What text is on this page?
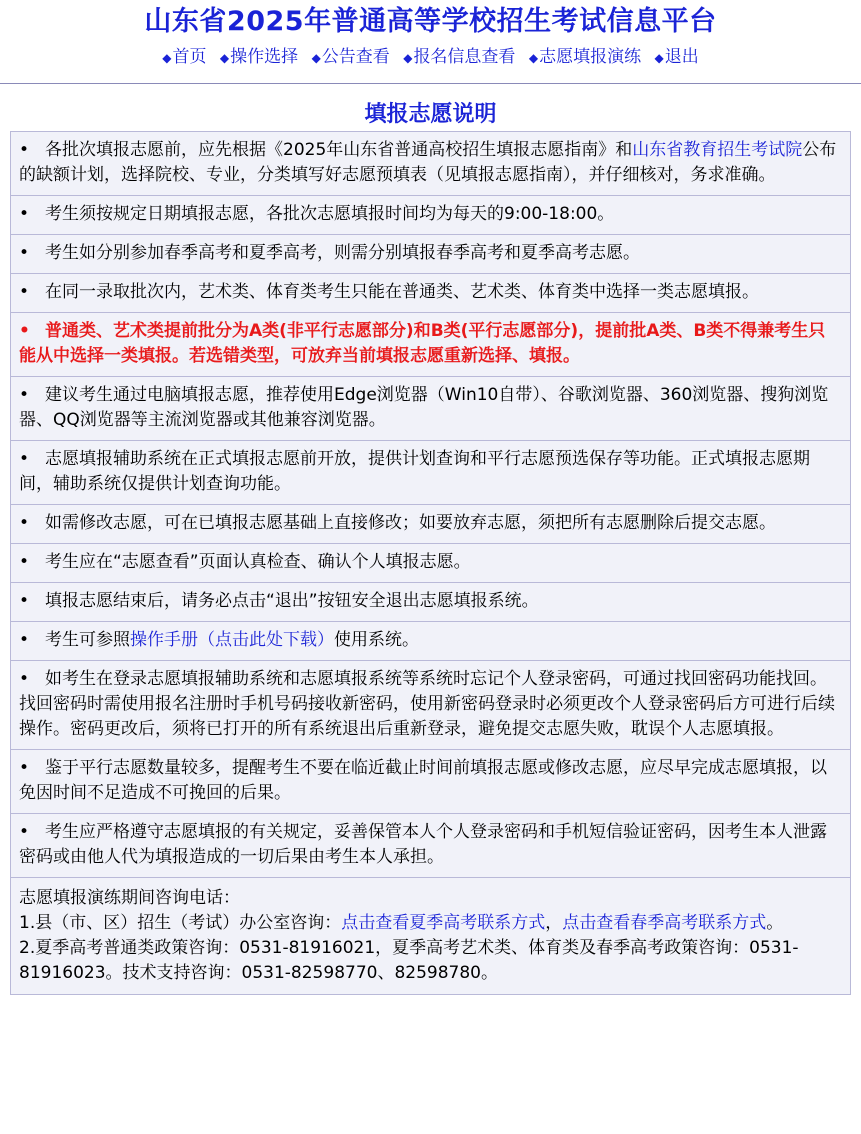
山东省2025年普通高等学校招生考试信息平台
◆首页 ◆操作选择 ◆公告查看 ◆报名信息查看 ◆志愿填报演练 ◆退出
填报志愿说明
• 各批次填报志愿前，应先根据《2025年山东省普通高校招生填报志愿指南》和山东省教育招生考试院公布的缺额计划，选择院校、专业，分类填写好志愿预填表（见填报志愿指南），并仔细核对，务求准确。
• 考生须按规定日期填报志愿，各批次志愿填报时间均为每天的9:00-18:00。
• 考生如分别参加春季高考和夏季高考，则需分别填报春季高考和夏季高考志愿。
• 在同一录取批次内，艺术类、体育类考生只能在普通类、艺术类、体育类中选择一类志愿填报。
• 普通类、艺术类提前批分为A类(非平行志愿部分)和B类(平行志愿部分)，提前批A类、B类不得兼考生只能从中选择一类填报。若选错类型，可放弃当前填报志愿重新选择、填报。
• 建议考生通过电脑填报志愿，推荐使用Edge浏览器（Win10自带）、谷歌浏览器、360浏览器、搜狗浏览器、QQ浏览器等主流浏览器或其他兼容浏览器。
• 志愿填报辅助系统在正式填报志愿前开放，提供计划查询和平行志愿预选保存等功能。正式填报志愿期间，辅助系统仅提供计划查询功能。
• 如需修改志愿，可在已填报志愿基础上直接修改；如要放弃志愿，须把所有志愿删除后提交志愿。
• 考生应在“志愿查看”页面认真检查、确认个人填报志愿。
• 填报志愿结束后，请务必点击“退出”按钮安全退出志愿填报系统。
• 考生可参照操作手册（点击此处下载）使用系统。
• 如考生在登录志愿填报辅助系统和志愿填报系统等系统时忘记个人登录密码，可通过找回密码功能找回。找回密码时需使用报名注册时手机号码接收新密码，使用新密码登录时必须更改个人登录密码后方可进行后续操作。密码更改后，须将已打开的所有系统退出后重新登录，避免提交志愿失败，耽误个人志愿填报。
• 鉴于平行志愿数量较多，提醒考生不要在临近截止时间前填报志愿或修改志愿，应尽早完成志愿填报，以免因时间不足造成不可挽回的后果。
• 考生应严格遵守志愿填报的有关规定，妥善保管本人个人登录密码和手机短信验证密码，因考生本人泄露密码或由他人代为填报造成的一切后果由考生本人承担。
志愿填报演练期间咨询电话：
1.县（市、区）招生（考试）办公室咨询：点击查看夏季高考联系方式，点击查看春季高考联系方式。
2.夏季高考普通类政策咨询：0531-81916021，夏季高考艺术类、体育类及春季高考政策咨询：0531-81916023。技术支持咨询：0531-82598770、82598780。
